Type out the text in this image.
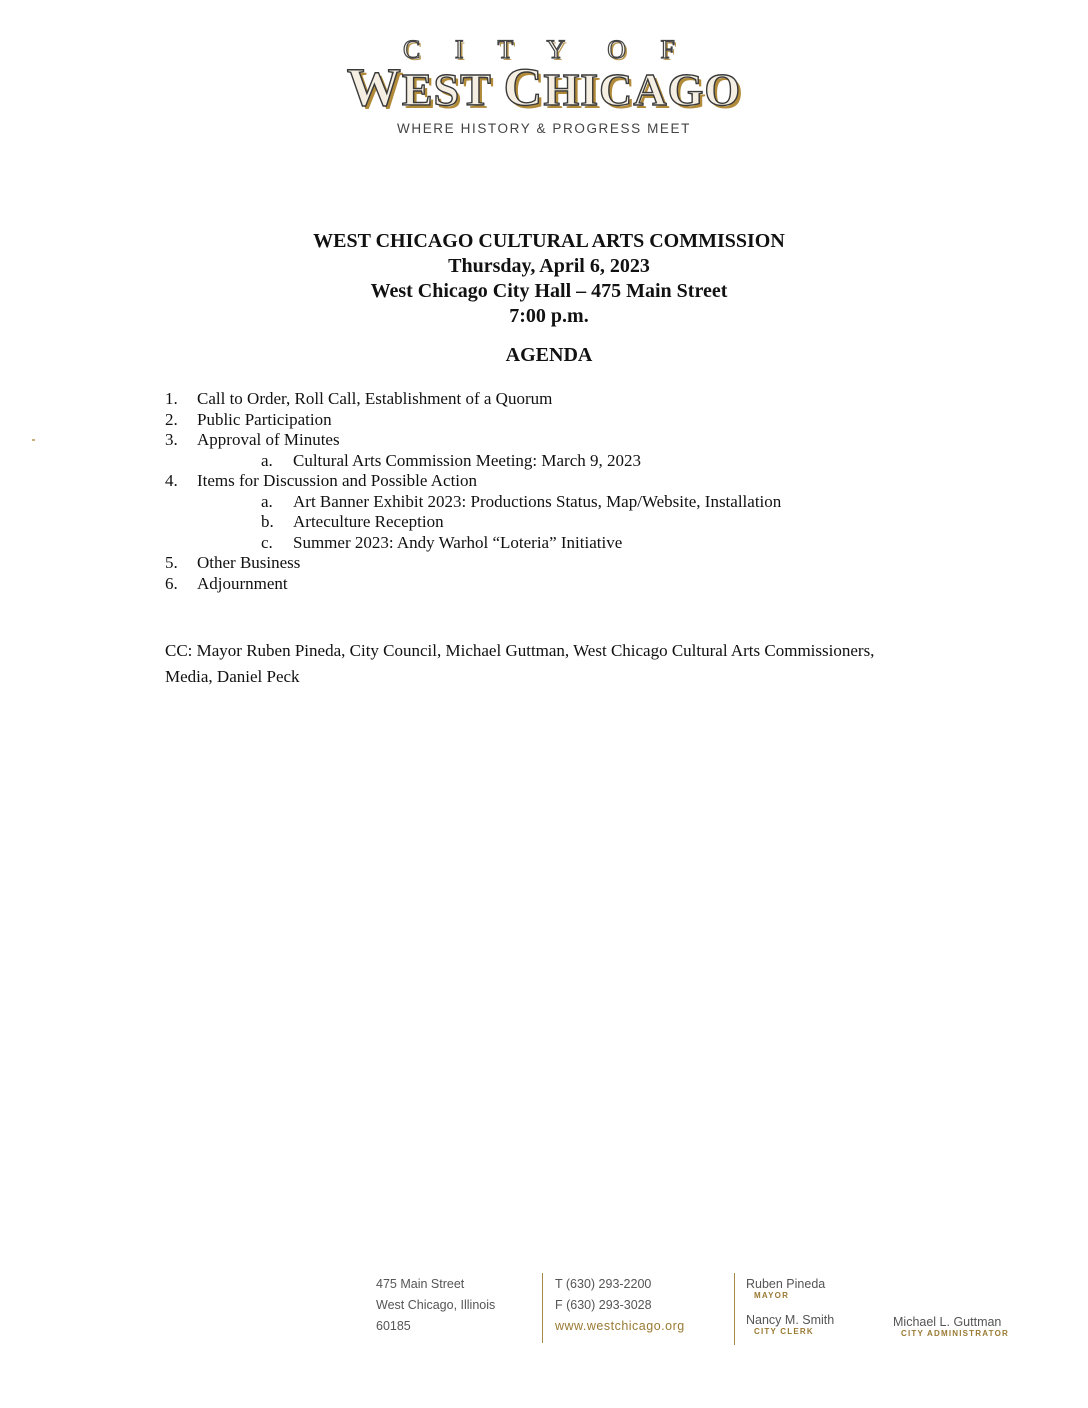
C I T Y O F
WEST CHICAGO
WHERE HISTORY & PROGRESS MEET
WEST CHICAGO CULTURAL ARTS COMMISSION
Thursday, April 6, 2023
West Chicago City Hall – 475 Main Street
7:00 p.m.
AGENDA
1. Call to Order, Roll Call, Establishment of a Quorum
2. Public Participation
3. Approval of Minutes
a. Cultural Arts Commission Meeting: March 9, 2023
4. Items for Discussion and Possible Action
a. Art Banner Exhibit 2023: Productions Status, Map/Website, Installation
b. Arteculture Reception
c. Summer 2023: Andy Warhol “Loteria” Initiative
5. Other Business
6. Adjournment
CC: Mayor Ruben Pineda, City Council, Michael Guttman, West Chicago Cultural Arts Commissioners,
Media, Daniel Peck
475 Main Street
West Chicago, Illinois
60185
T (630) 293-2200
F (630) 293-3028
www.westchicago.org
Ruben Pineda
MAYOR
Nancy M. Smith
CITY CLERK
Michael L. Guttman
CITY ADMINISTRATOR
